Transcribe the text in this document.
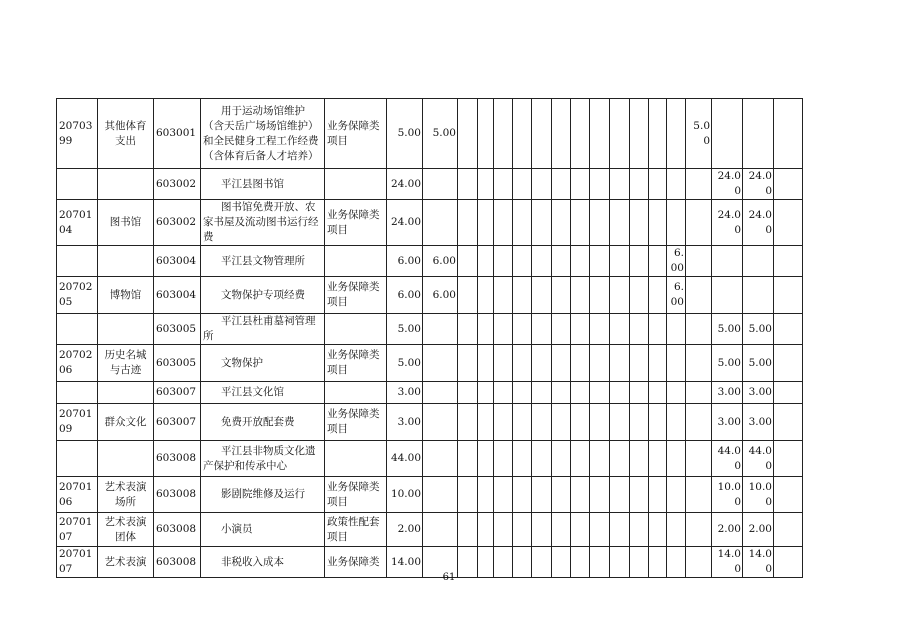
2070399	其他体育支出	603001	用于运动场馆维护（含天岳广场场馆维护）和全民健身工程工作经费（含体育后备人才培养）	业务保障类项目	5.00	5.00													5.00			
		603002	平江县图书馆		24.00															24.00	24.00	
2070104	图书馆	603002	图书馆免费开放、农家书屋及流动图书运行经费	业务保障类项目	24.00															24.00	24.00	
		603004	平江县文物管理所		6.00	6.00												6.00				
2070205	博物馆	603004	文物保护专项经费	业务保障类项目	6.00	6.00												6.00				
		603005	平江县杜甫墓祠管理所		5.00															5.00	5.00	
2070206	历史名城与古迹	603005	文物保护	业务保障类项目	5.00															5.00	5.00	
		603007	平江县文化馆		3.00															3.00	3.00	
2070109	群众文化	603007	免费开放配套费	业务保障类项目	3.00															3.00	3.00	
		603008	平江县非物质文化遗产保护和传承中心		44.00															44.00	44.00	
2070106	艺术表演场所	603008	影剧院维修及运行	业务保障类项目	10.00															10.00	10.00	
2070107	艺术表演团体	603008	小演员	政策性配套项目	2.00															2.00	2.00	
2070107	艺术表演	603008	非税收入成本	业务保障类	14.00															14.00	14.00	
61
